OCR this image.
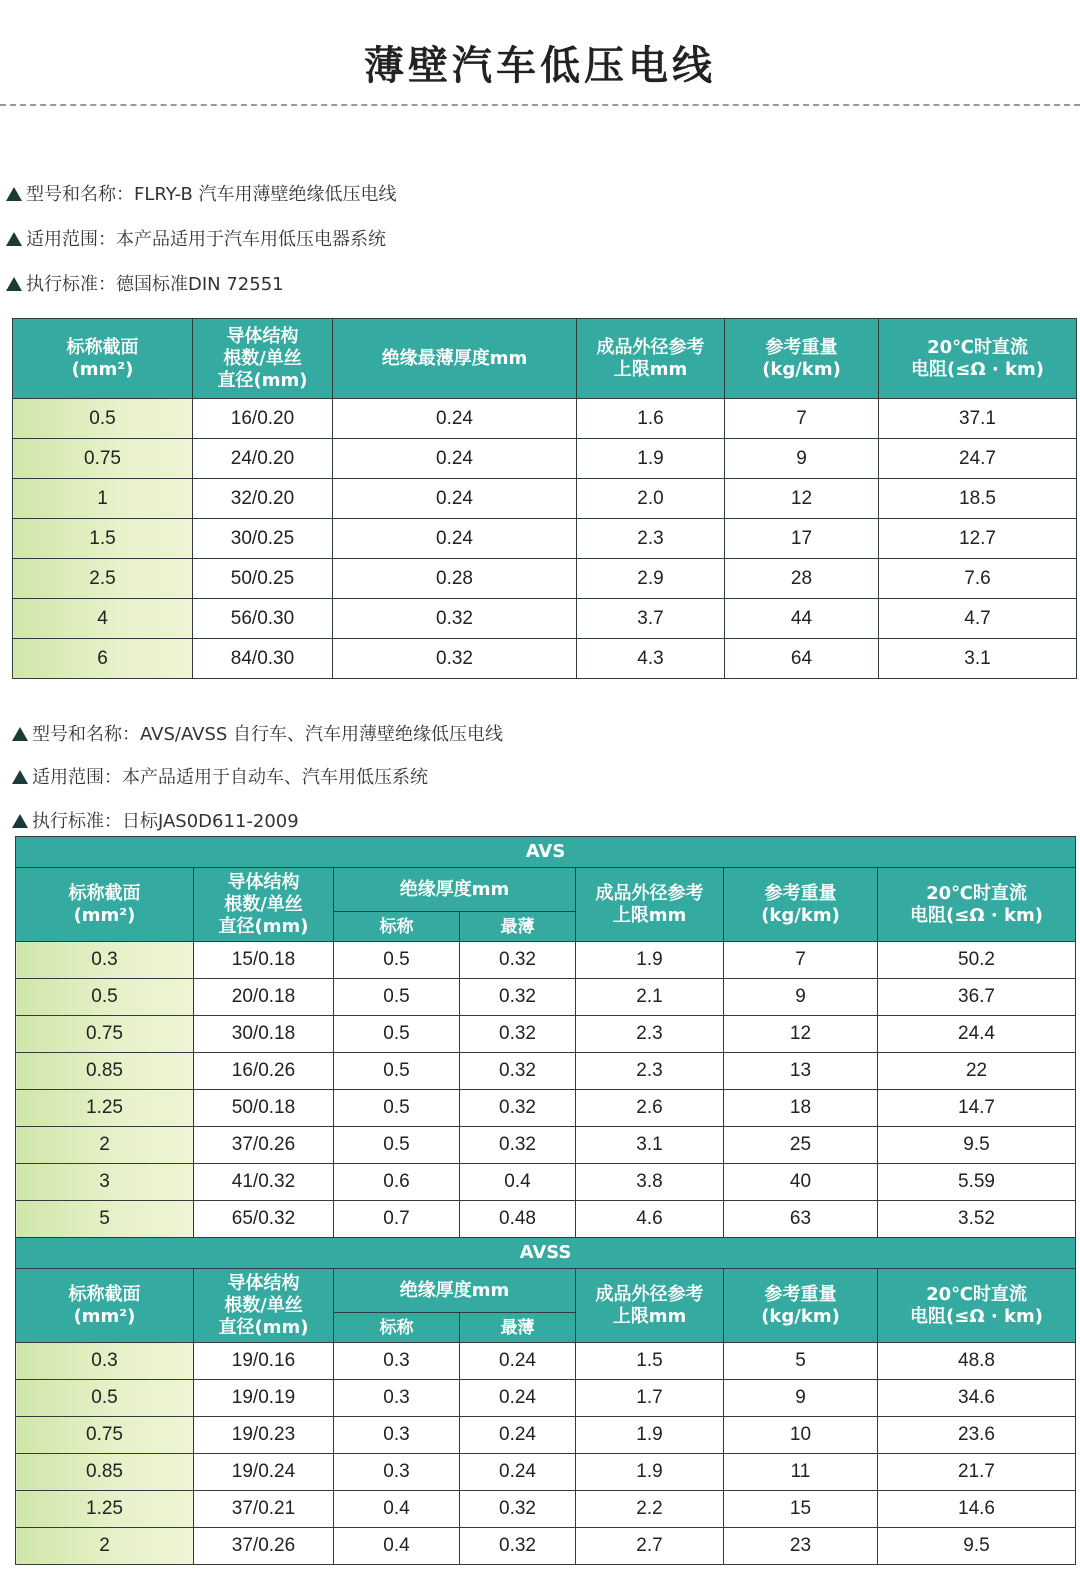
薄壁汽车低压电线
型号和名称：FLRY-B 汽车用薄壁绝缘低压电线
适用范围：本产品适用于汽车用低压电器系统
执行标准：德国标准DIN 72551
标称截面
(mm²)	导体结构
根数/单丝
直径(mm)	绝缘最薄厚度mm	成品外径参考
上限mm	参考重量
(kg/km)	20℃时直流
电阻(≤Ω · km)

0.5	16/0.20	0.24	1.6	7	37.1
0.75	24/0.20	0.24	1.9	9	24.7
1	32/0.20	0.24	2.0	12	18.5
1.5	30/0.25	0.24	2.3	17	12.7
2.5	50/0.25	0.28	2.9	28	7.6
4	56/0.30	0.32	3.7	44	4.7
6	84/0.30	0.32	4.3	64	3.1
型号和名称：AVS/AVSS 自行车、汽车用薄壁绝缘低压电线
适用范围：本产品适用于自动车、汽车用低压系统
执行标准：日标JAS0D611-2009
AVS						

标称截面
(mm²)	导体结构
根数/单丝
直径(mm)	绝缘厚度mm		成品外径参考
上限mm	参考重量
(kg/km)	20℃时直流
电阻(≤Ω · km)

		标称	最薄			
0.3	15/0.18	0.5	0.32	1.9	7	50.2
0.5	20/0.18	0.5	0.32	2.1	9	36.7
0.75	30/0.18	0.5	0.32	2.3	12	24.4
0.85	16/0.26	0.5	0.32	2.3	13	22
1.25	50/0.18	0.5	0.32	2.6	18	14.7
2	37/0.26	0.5	0.32	3.1	25	9.5
3	41/0.32	0.6	0.4	3.8	40	5.59
5	65/0.32	0.7	0.48	4.6	63	3.52
AVSS						

标称截面
(mm²)	导体结构
根数/单丝
直径(mm)	绝缘厚度mm		成品外径参考
上限mm	参考重量
(kg/km)	20℃时直流
电阻(≤Ω · km)

		标称	最薄			
0.3	19/0.16	0.3	0.24	1.5	5	48.8
0.5	19/0.19	0.3	0.24	1.7	9	34.6
0.75	19/0.23	0.3	0.24	1.9	10	23.6
0.85	19/0.24	0.3	0.24	1.9	11	21.7
1.25	37/0.21	0.4	0.32	2.2	15	14.6
2	37/0.26	0.4	0.32	2.7	23	9.5
